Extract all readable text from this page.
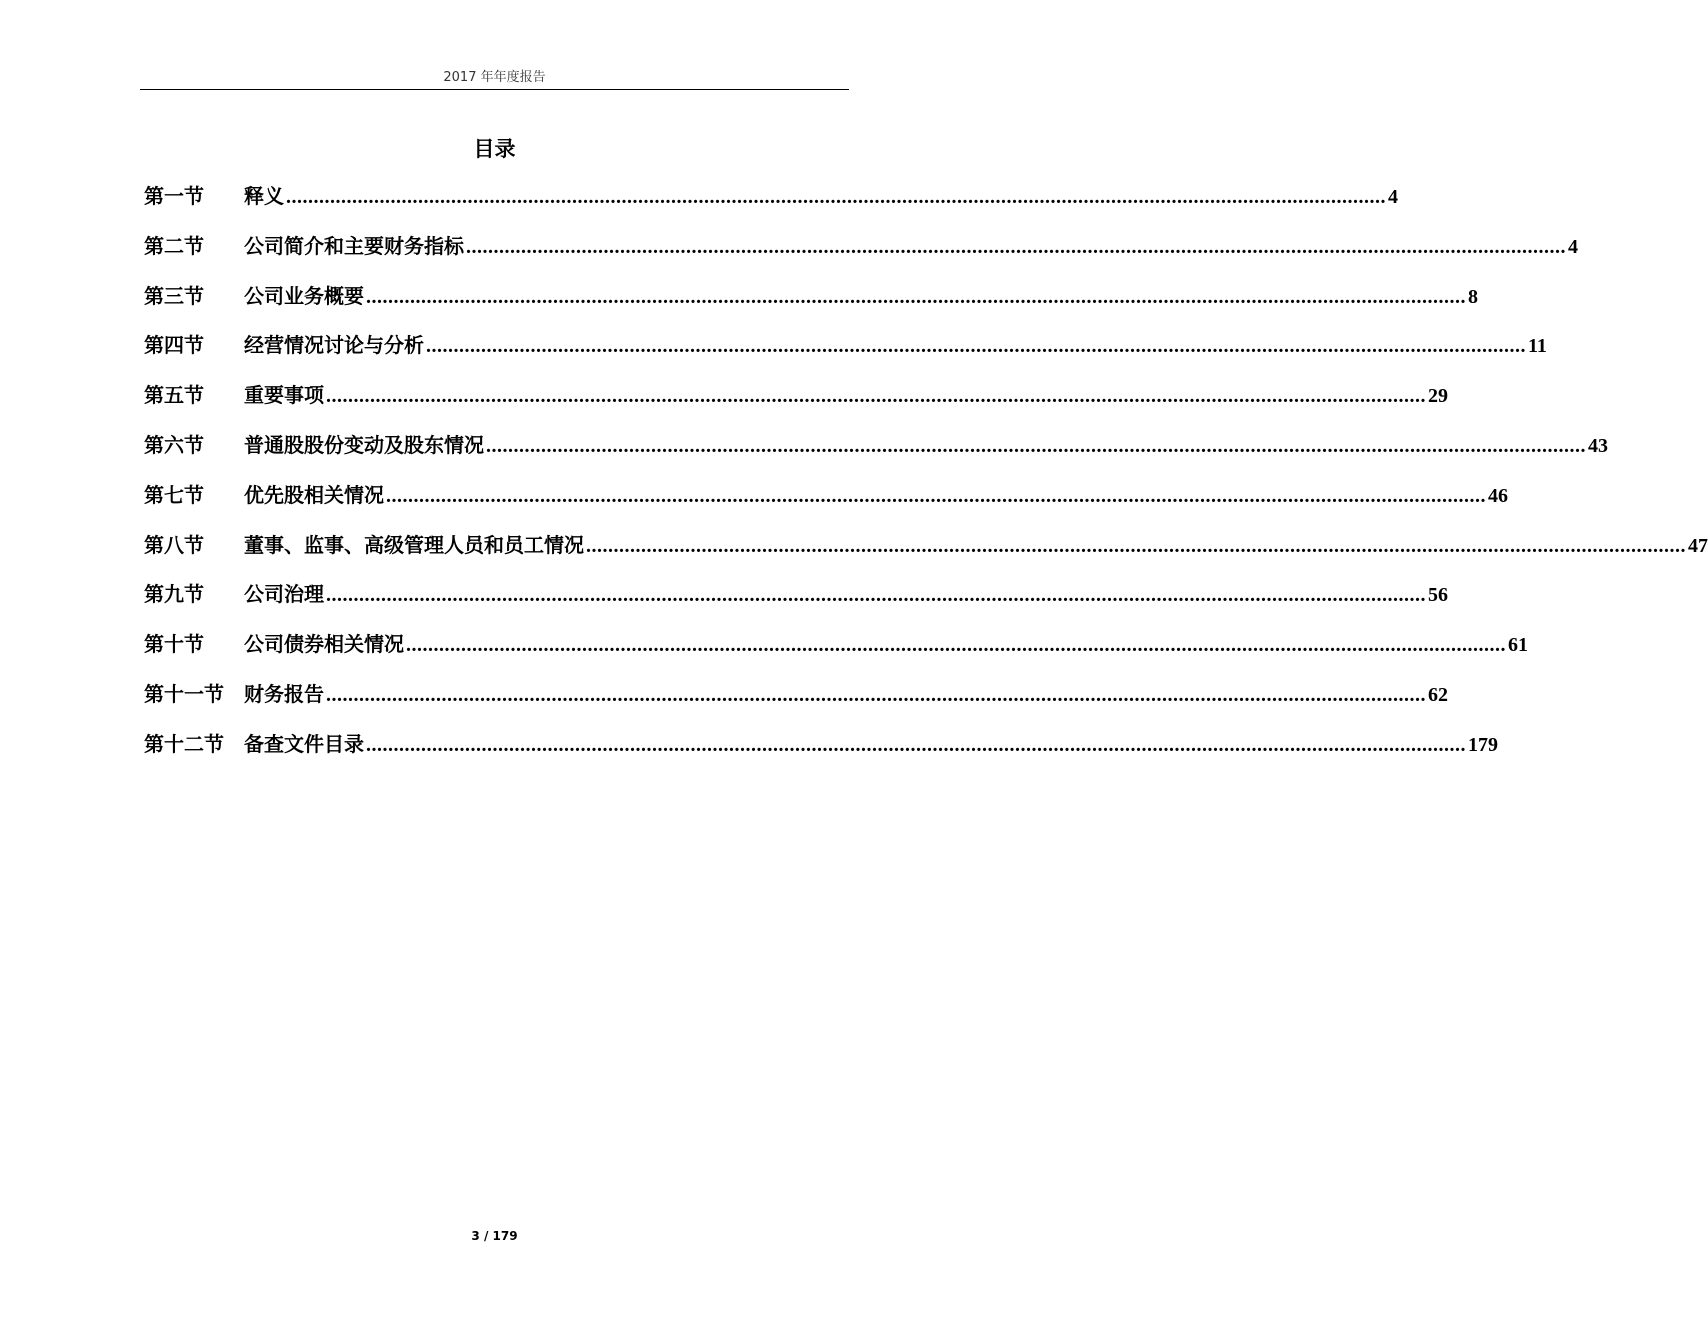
2017 年年度报告
目录
第一节	释义 ........................................................................................................................................................................................................ 4
第二节	公司简介和主要财务指标 ........................................................................................................................................................................................................ 4
第三节	公司业务概要 ........................................................................................................................................................................................................ 8
第四节	经营情况讨论与分析 ........................................................................................................................................................................................................ 11
第五节	重要事项 ........................................................................................................................................................................................................ 29
第六节	普通股股份变动及股东情况 ........................................................................................................................................................................................................ 43
第七节	优先股相关情况 ........................................................................................................................................................................................................ 46
第八节	董事、监事、高级管理人员和员工情况 ........................................................................................................................................................................................................ 47
第九节	公司治理 ........................................................................................................................................................................................................ 56
第十节	公司债券相关情况 ........................................................................................................................................................................................................ 61
第十一节	财务报告 ........................................................................................................................................................................................................ 62
第十二节	备查文件目录 ........................................................................................................................................................................................................ 179
3 / 179
